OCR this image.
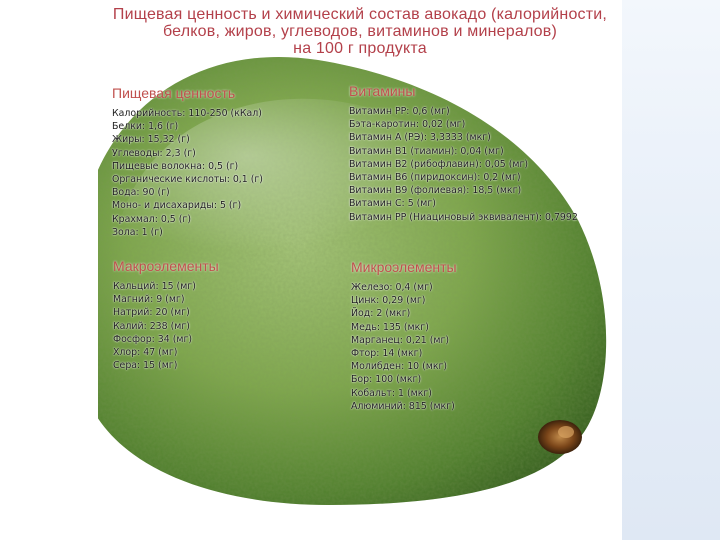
Пищевая ценность и химический состав авокадо (калорийности,
белков, жиров, углеводов, витаминов и минералов)
на 100 г продукта
Пищевая ценность
Калорийность: 110-250 (кКал)
Белки: 1,6 (г)
Жиры: 15,32 (г)
Углеводы: 2,3 (г)
Пищевые волокна: 0,5 (г)
Органические кислоты: 0,1 (г)
Вода: 90 (г)
Моно- и дисахариды: 5 (г)
Крахмал: 0,5 (г)
Зола: 1 (г)
Витамины
Витамин PP: 0,6 (мг)
Бэта-каротин: 0,02 (мг)
Витамин А (РЭ): 3,3333 (мкг)
Витамин В1 (тиамин): 0,04 (мг)
Витамин В2 (рибофлавин): 0,05 (мг)
Витамин В6 (пиридоксин): 0,2 (мг)
Витамин В9 (фолиевая): 18,5 (мкг)
Витамин С: 5 (мг)
Витамин PP (Ниациновый эквивалент): 0,7992
Макроэлементы
Кальций: 15 (мг)
Магний: 9 (мг)
Натрий: 20 (мг)
Калий: 238 (мг)
Фосфор: 34 (мг)
Хлор: 47 (мг)
Сера: 15 (мг)
Микроэлементы
Железо: 0,4 (мг)
Цинк: 0,29 (мг)
Йод: 2 (мкг)
Медь: 135 (мкг)
Марганец: 0,21 (мг)
Фтор: 14 (мкг)
Молибден: 10 (мкг)
Бор: 100 (мкг)
Кобальт: 1 (мкг)
Алюминий: 815 (мкг)
